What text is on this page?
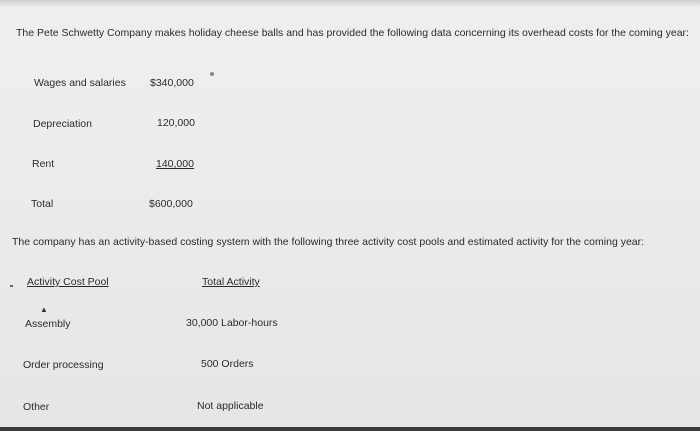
The Pete Schwetty Company makes holiday cheese balls and has provided the following data concerning its overhead costs for the coming year:
Wages and salaries $340,000
Depreciation	120,000
Rent	140,000
Total	$600,000
The company has an activity-based costing system with the following three activity cost pools and estimated activity for the coming year:
Activity Cost Pool	Total Activity
▲
Assembly	30,000 Labor-hours
Order processing	500 Orders
Other	Not applicable
